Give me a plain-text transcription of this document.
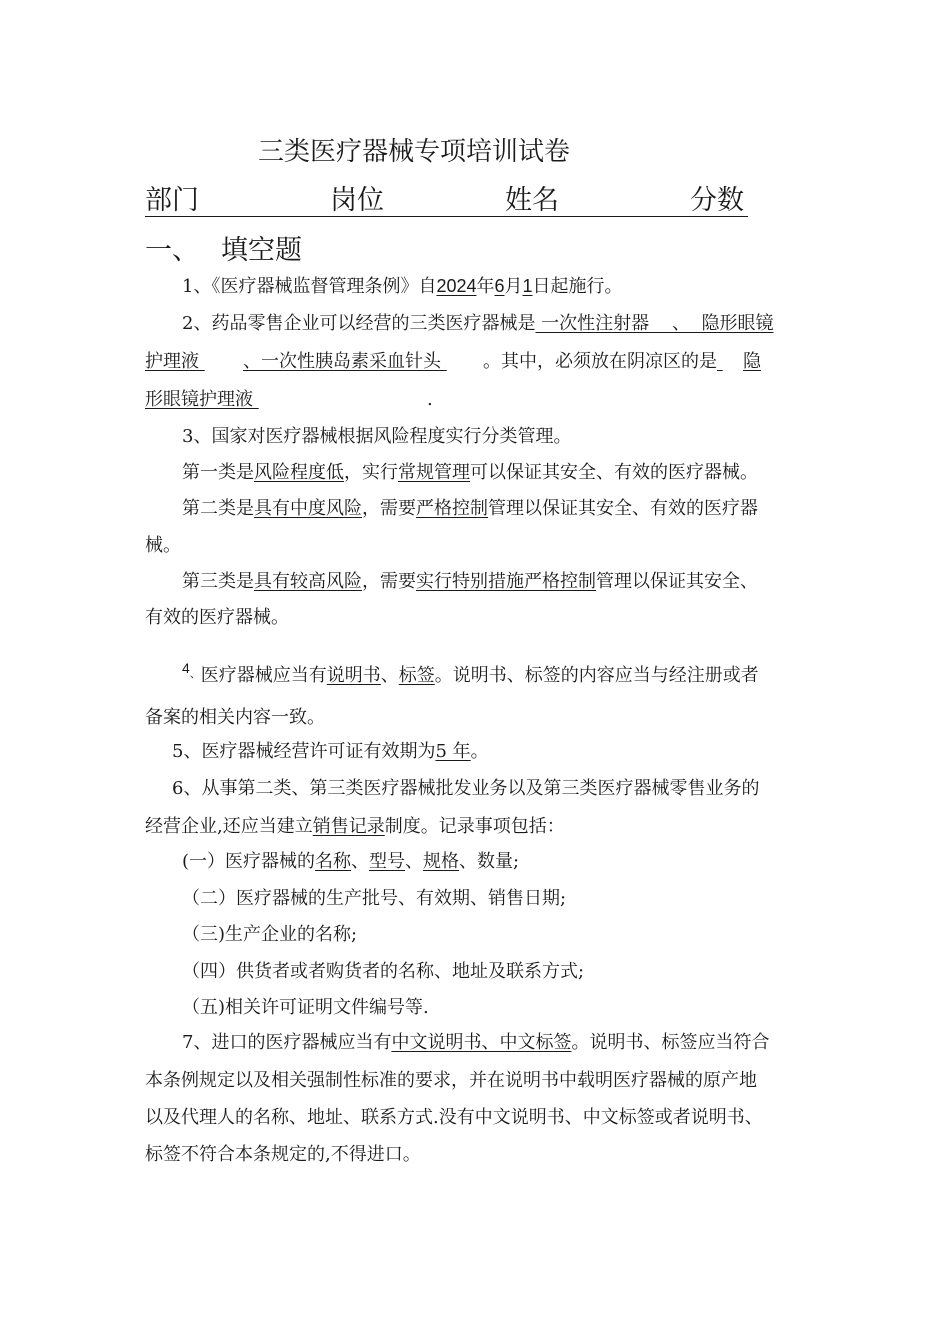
三类医疗器械专项培训试卷
部门	岗位	姓名	分数
一、 填空题
1、《医疗器械监督管理条例》自2024年6月1日起施行。
2、药品零售企业可以经营的三类医疗器械是 一次性注射器    、  隐形眼镜
护理液 、一次性胰岛素采血针头 。其中，必须放在阴凉区的是 隐
形眼镜护理液	.
3、国家对医疗器械根据风险程度实行分类管理。
第一类是风险程度低，实行常规管理可以保证其安全、有效的医疗器械。
第二类是具有中度风险，需要严格控制管理以保证其安全、有效的医疗器
械。
第三类是具有较高风险，需要实行特别措施严格控制管理以保证其安全、
有效的医疗器械。
$^{4、}$医疗器械应当有说明书、标签。说明书、标签的内容应当与经注册或者
备案的相关内容一致。
5、医疗器械经营许可证有效期为5 年。
6、从事第二类、第三类医疗器械批发业务以及第三类医疗器械零售业务的
经营企业,还应当建立销售记录制度。记录事项包括：
(一）医疗器械的名称、型号、规格、数量;
（二）医疗器械的生产批号、有效期、销售日期;
（三)生产企业的名称;
（四）供货者或者购货者的名称、地址及联系方式;
（五)相关许可证明文件编号等.
7、进口的医疗器械应当有中文说明书、中文标签。说明书、标签应当符合
本条例规定以及相关强制性标准的要求，并在说明书中载明医疗器械的原产地
以及代理人的名称、地址、联系方式.没有中文说明书、中文标签或者说明书、
标签不符合本条规定的,不得进口。
